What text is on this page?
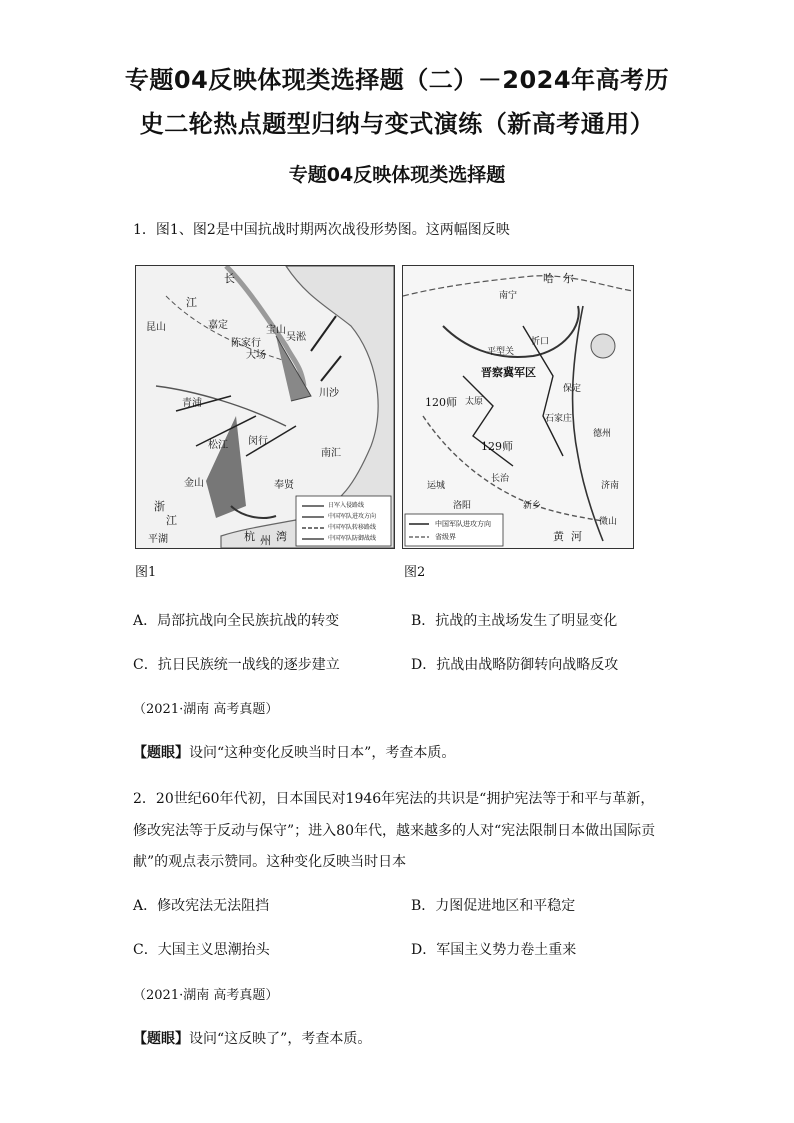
专题04反映体现类选择题（二）－2024年高考历
史二轮热点题型归纳与变式演练（新高考通用）
专题04反映体现类选择题
1．图1、图2是中国抗战时期两次战役形势图。这两幅图反映
长
江
昆山	嘉定
陈家行
大场
宝山
吴淞
川沙
南汇
青浦
松江 闵行
奉贤
金山
平湖	杭 州 湾
浙
江
日军入侵路线
中国军队进攻方向
中国军队转移路线
中国军队防御战线
图1
哈 尔
南宁
保定
石家庄
太原
平型关
忻口
晋察冀军区
120师
129师
长治
新乡
运城
洛阳
黄 河
济南
德州
微山
中国军队进攻方向
省级界
图2
A．局部抗战向全民族抗战的转变	B．抗战的主战场发生了明显变化
C．抗日民族统一战线的逐步建立	D．抗战由战略防御转向战略反攻
（2021·湖南 高考真题）
【题眼】设问“这种变化反映当时日本”，考查本质。
2．20世纪60年代初，日本国民对1946年宪法的共识是“拥护宪法等于和平与革新，
修改宪法等于反动与保守”；进入80年代，越来越多的人对“宪法限制日本做出国际贡
献”的观点表示赞同。这种变化反映当时日本
A．修改宪法无法阻挡	B．力图促进地区和平稳定
C．大国主义思潮抬头	D．军国主义势力卷土重来
（2021·湖南 高考真题）
【题眼】设问“这反映了”，考查本质。
